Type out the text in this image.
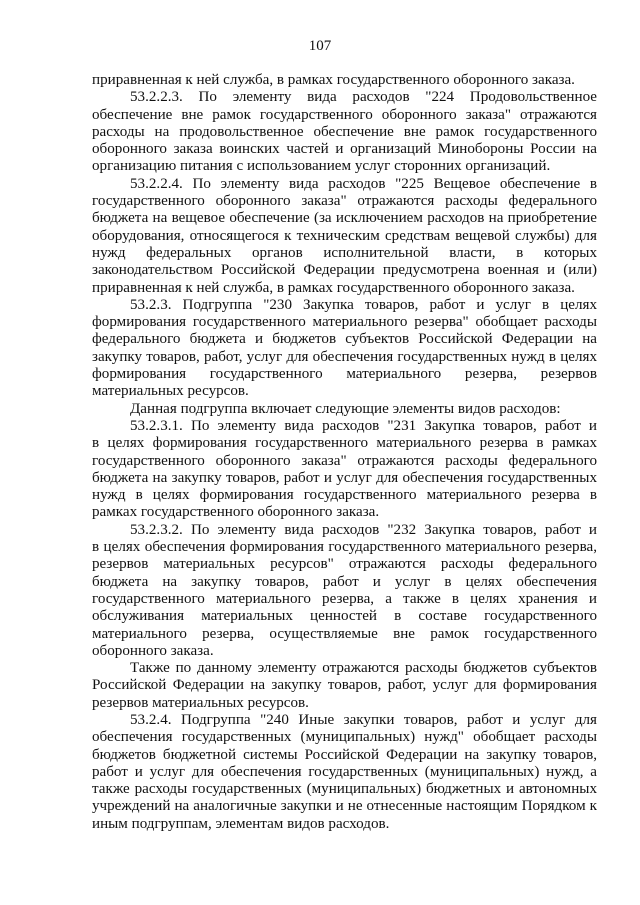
107
приравненная к ней служба, в рамках государственного оборонного заказа.
53.2.2.3. По элементу вида расходов "224 Продовольственное
обеспечение вне рамок государственного оборонного заказа" отражаются
расходы на продовольственное обеспечение вне рамок государственного
оборонного заказа воинских частей и организаций Минобороны России на
организацию питания с использованием услуг сторонних организаций.
53.2.2.4. По элементу вида расходов "225 Вещевое обеспечение в
государственного оборонного заказа" отражаются расходы федерального
бюджета на вещевое обеспечение (за исключением расходов на приобретение
оборудования, относящегося к техническим средствам вещевой службы) для
нужд федеральных органов исполнительной власти, в которых
законодательством Российской Федерации предусмотрена военная и (или)
приравненная к ней служба, в рамках государственного оборонного заказа.
53.2.3. Подгруппа "230 Закупка товаров, работ и услуг в целях
формирования государственного материального резерва" обобщает расходы
федерального бюджета и бюджетов субъектов Российской Федерации на
закупку товаров, работ, услуг для обеспечения государственных нужд в целях
формирования государственного материального резерва, резервов
материальных ресурсов.
Данная подгруппа включает следующие элементы видов расходов:
53.2.3.1. По элементу вида расходов "231 Закупка товаров, работ и
в целях формирования государственного материального резерва в рамках
государственного оборонного заказа" отражаются расходы федерального
бюджета на закупку товаров, работ и услуг для обеспечения государственных
нужд в целях формирования государственного материального резерва в
рамках государственного оборонного заказа.
53.2.3.2. По элементу вида расходов "232 Закупка товаров, работ и
в целях обеспечения формирования государственного материального резерва,
резервов материальных ресурсов" отражаются расходы федерального
бюджета на закупку товаров, работ и услуг в целях обеспечения
государственного материального резерва, а также в целях хранения и
обслуживания материальных ценностей в составе государственного
материального резерва, осуществляемые вне рамок государственного
оборонного заказа.
Также по данному элементу отражаются расходы бюджетов субъектов
Российской Федерации на закупку товаров, работ, услуг для формирования
резервов материальных ресурсов.
53.2.4. Подгруппа "240 Иные закупки товаров, работ и услуг для
обеспечения государственных (муниципальных) нужд" обобщает расходы
бюджетов бюджетной системы Российской Федерации на закупку товаров,
работ и услуг для обеспечения государственных (муниципальных) нужд, а
также расходы государственных (муниципальных) бюджетных и автономных
учреждений на аналогичные закупки и не отнесенные настоящим Порядком к
иным подгруппам, элементам видов расходов.
